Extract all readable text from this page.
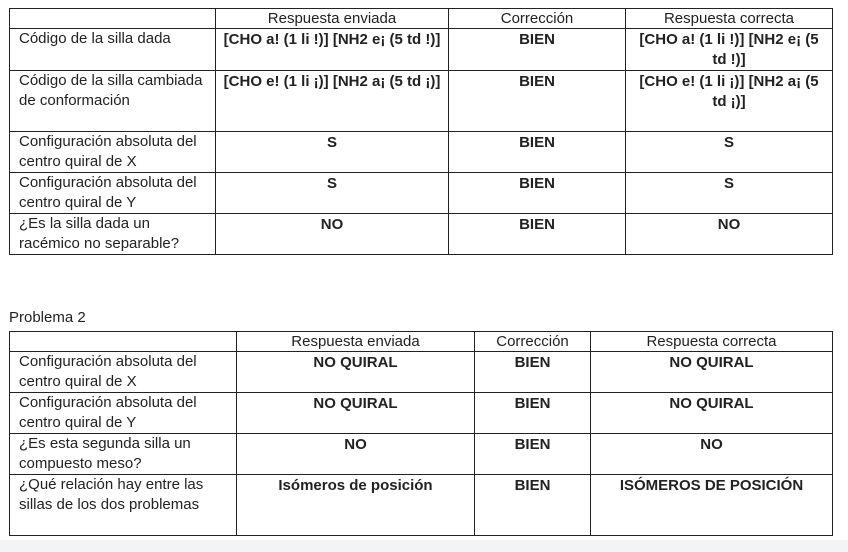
	Respuesta enviada	Corrección	Respuesta correcta
Código de la silla dada	[CHO a! (1 li !)] [NH2 e¡ (5 td !)]	BIEN	[CHO a! (1 li !)] [NH2 e¡ (5 td !)]
Código de la silla cambiada de conformación	[CHO e! (1 li ¡)] [NH2 a¡ (5 td ¡)]	BIEN	[CHO e! (1 li ¡)] [NH2 a¡ (5 td ¡)]
Configuración absoluta del centro quiral de X	S	BIEN	S
Configuración absoluta del centro quiral de Y	S	BIEN	S
¿Es la silla dada un racémico no separable?	NO	BIEN	NO
Problema 2
	Respuesta enviada	Corrección	Respuesta correcta
Configuración absoluta del centro quiral de X	NO QUIRAL	BIEN	NO QUIRAL
Configuración absoluta del centro quiral de Y	NO QUIRAL	BIEN	NO QUIRAL
¿Es esta segunda silla un compuesto meso?	NO	BIEN	NO
¿Qué relación hay entre las sillas de los dos problemas	Isómeros de posición	BIEN	ISÓMEROS DE POSICIÓN
